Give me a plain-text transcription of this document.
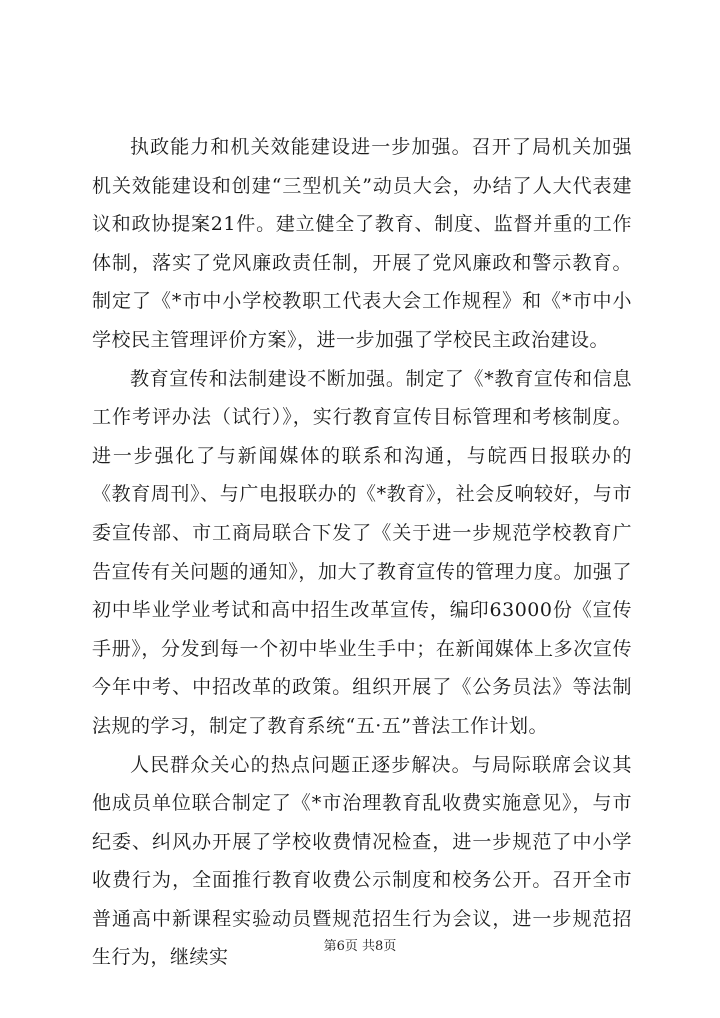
执政能力和机关效能建设进一步加强。召开了局机关加强机关效能建设和创建“三型机关”动员大会，办结了人大代表建议和政协提案21件。建立健全了教育、制度、监督并重的工作体制，落实了党风廉政责任制，开展了党风廉政和警示教育。制定了《*市中小学校教职工代表大会工作规程》和《*市中小学校民主管理评价方案》，进一步加强了学校民主政治建设。

教育宣传和法制建设不断加强。制定了《*教育宣传和信息工作考评办法（试行）》，实行教育宣传目标管理和考核制度。进一步强化了与新闻媒体的联系和沟通，与皖西日报联办的《教育周刊》、与广电报联办的《*教育》，社会反响较好，与市委宣传部、市工商局联合下发了《关于进一步规范学校教育广告宣传有关问题的通知》，加大了教育宣传的管理力度。加强了初中毕业学业考试和高中招生改革宣传，编印63000份《宣传手册》，分发到每一个初中毕业生手中；在新闻媒体上多次宣传今年中考、中招改革的政策。组织开展了《公务员法》等法制法规的学习，制定了教育系统“五·五”普法工作计划。

人民群众关心的热点问题正逐步解决。与局际联席会议其他成员单位联合制定了《*市治理教育乱收费实施意见》，与市纪委、纠风办开展了学校收费情况检查，进一步规范了中小学收费行为，全面推行教育收费公示制度和校务公开。召开全市普通高中新课程实验动员暨规范招生行为会议，进一步规范招生行为，继续实	第6页 共8页
